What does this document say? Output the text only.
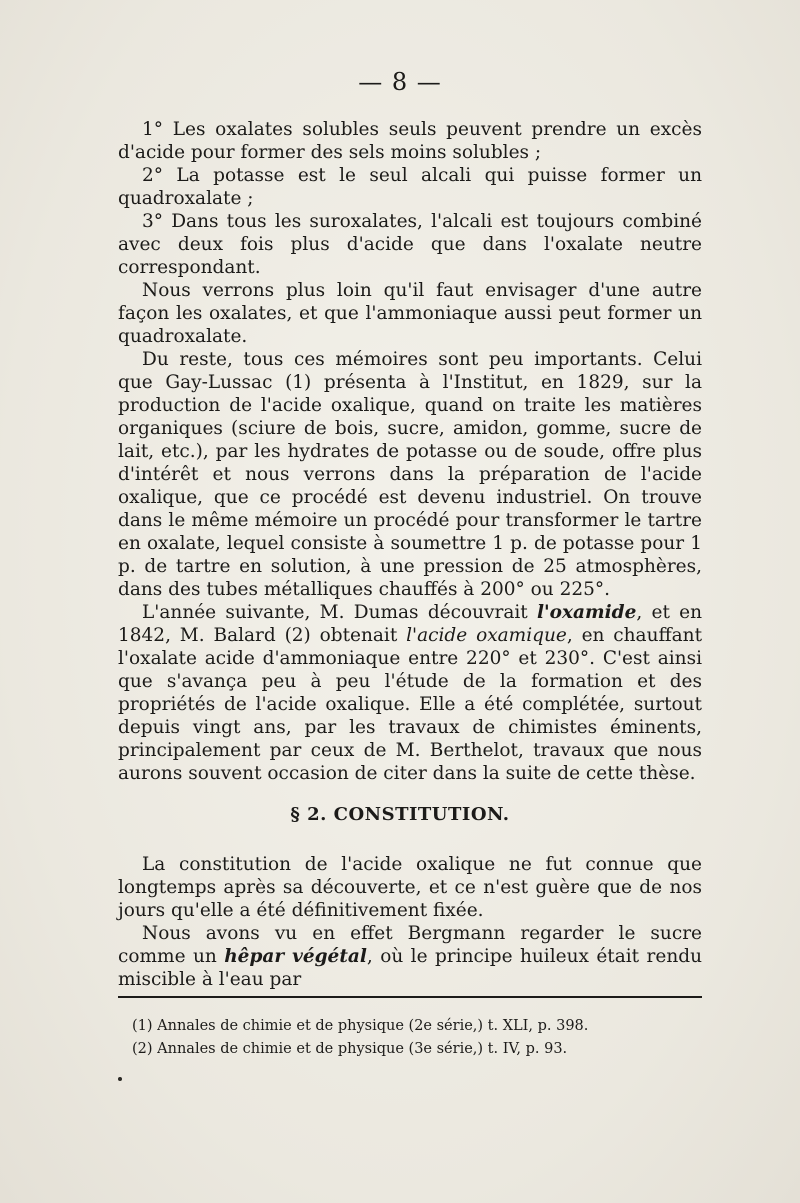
— 8 —

1° Les oxalates solubles seuls peuvent prendre un excès d'acide pour former des sels moins solubles ;

2° La potasse est le seul alcali qui puisse former un quadroxalate ;

3° Dans tous les suroxalates, l'alcali est toujours combiné avec deux fois plus d'acide que dans l'oxalate neutre correspondant.

Nous verrons plus loin qu'il faut envisager d'une autre façon les oxalates, et que l'ammoniaque aussi peut former un quadroxalate.

Du reste, tous ces mémoires sont peu importants. Celui que Gay-Lussac (1) présenta à l'Institut, en 1829, sur la production de l'acide oxalique, quand on traite les matières organiques (sciure de bois, sucre, amidon, gomme, sucre de lait, etc.), par les hydrates de potasse ou de soude, offre plus d'intérêt et nous verrons dans la préparation de l'acide oxalique, que ce procédé est devenu industriel. On trouve dans le même mémoire un procédé pour transformer le tartre en oxalate, lequel consiste à soumettre 1 p. de potasse pour 1 p. de tartre en solution, à une pression de 25 atmosphères, dans des tubes métalliques chauffés à 200° ou 225°.

L'année suivante, M. Dumas découvrait l'oxamide, et en 1842, M. Balard (2) obtenait l'acide oxamique, en chauffant l'oxalate acide d'ammoniaque entre 220° et 230°. C'est ainsi que s'avança peu à peu l'étude de la formation et des propriétés de l'acide oxalique. Elle a été complétée, surtout depuis vingt ans, par les travaux de chimistes éminents, principalement par ceux de M. Berthelot, travaux que nous aurons souvent occasion de citer dans la suite de cette thèse.

§ 2. CONSTITUTION.

La constitution de l'acide oxalique ne fut connue que longtemps après sa découverte, et ce n'est guère que de nos jours qu'elle a été définitivement fixée.

Nous avons vu en effet Bergmann regarder le sucre comme un hêpar végétal, où le principe huileux était rendu miscible à l'eau par

(1) Annales de chimie et de physique (2e série,) t. XLI, p. 398.
(2) Annales de chimie et de physique (3e série,) t. IV, p. 93.
